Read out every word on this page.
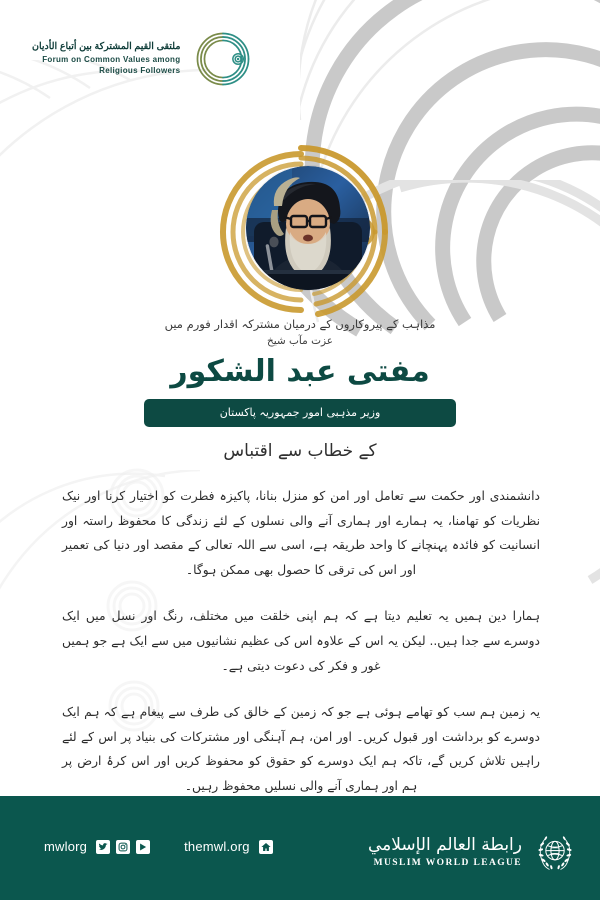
ملتقى القيم المشتركة بين أتباع الأديان
Forum on Common Values among
Religious Followers
مذاہب کے پیروکاروں کے درمیان مشترکہ اقدار فورم میں
عزت مآب شیخ
مفتی عبد الشکور
وزیر مذہبی امور جمہوریہ پاکستان
کے خطاب سے اقتباس

دانشمندی اور حکمت سے تعامل اور امن کو منزل بنانا، پاکیزہ فطرت کو اختیار کرنا اور نیک نظریات کو تھامنا، یہ ہمارے اور ہماری آنے والی نسلوں کے لئے زندگی کا محفوظ راستہ اور انسانیت کو فائدہ پہنچانے کا واحد طریقہ ہے، اسی سے اللہ تعالی کے مقصد اور دنیا کی تعمیر اور اس کی ترقی کا حصول بھی ممکن ہوگا۔

ہمارا دین ہمیں یہ تعلیم دیتا ہے کہ ہم اپنی خلقت میں مختلف، رنگ اور نسل میں ایک دوسرے سے جدا ہیں.. لیکن یہ اس کے علاوہ اس کی عظیم نشانیوں میں سے ایک ہے جو ہمیں غور و فکر کی دعوت دیتی ہے۔

یہ زمین ہم سب کو تھامے ہوئی ہے جو کہ زمین کے خالق کی طرف سے پیغام ہے کہ ہم ایک دوسرے کو برداشت اور قبول کریں۔ اور امن، ہم آہنگی اور مشترکات کی بنیاد پر اس کے لئے راہیں تلاش کریں گے، تاکہ ہم ایک دوسرے کو حقوق کو محفوظ کریں اور اس کرۂ ارض پر ہم اور ہماری آنے والی نسلیں محفوظ رہیں۔

mwlorg	themwl.org	رابطة العالم الإسلامي
MUSLIM WORLD LEAGUE
